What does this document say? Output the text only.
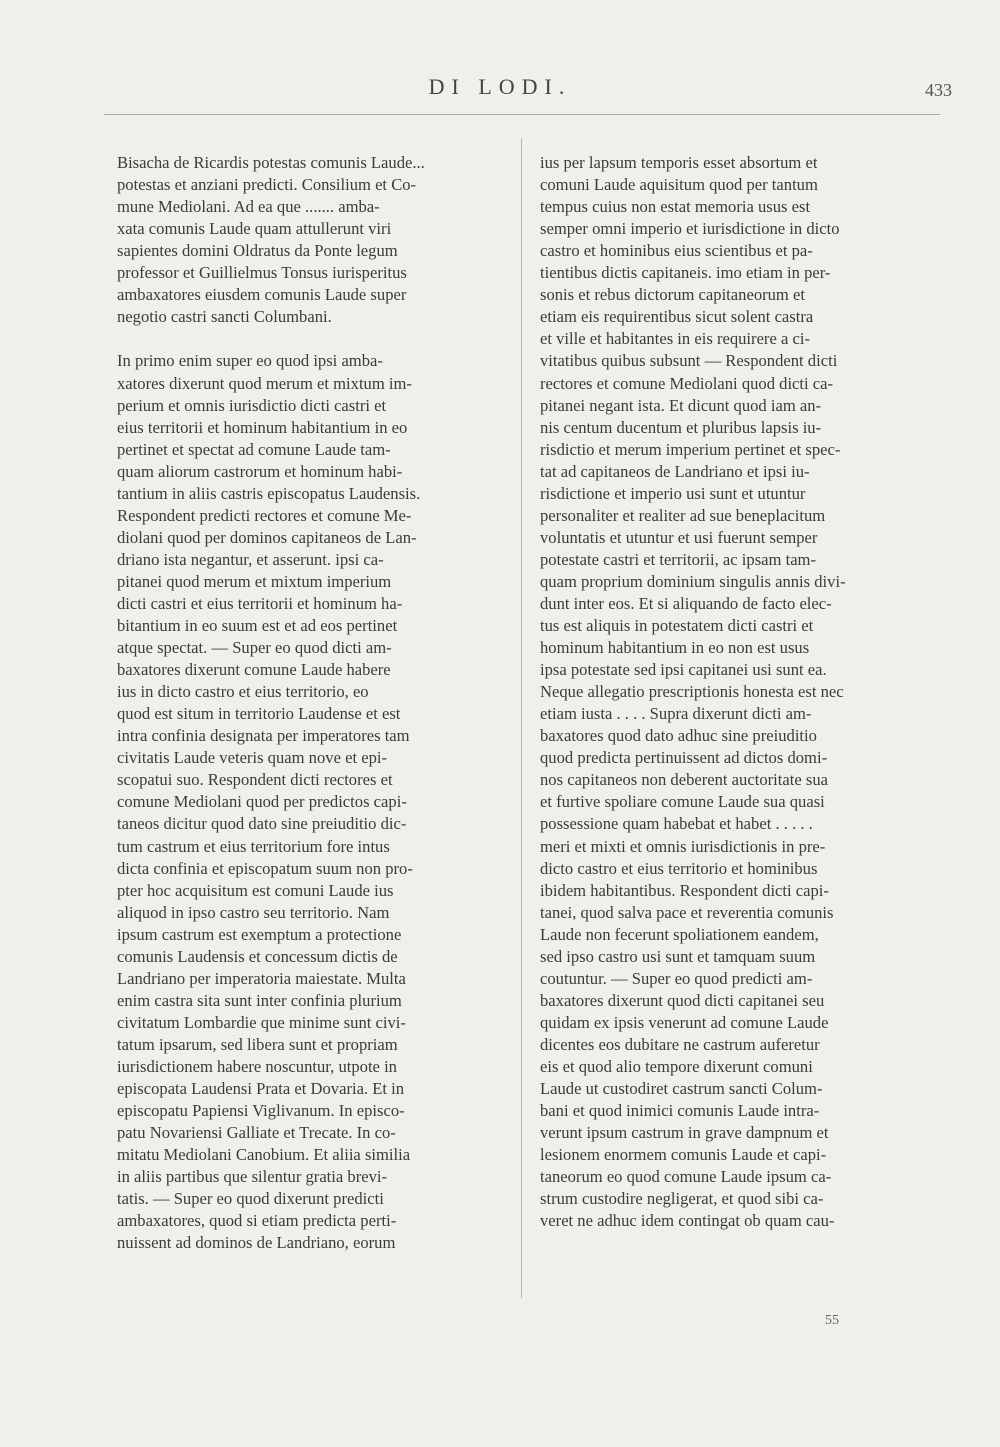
DI LODI.	433

Bisacha de Ricardis potestas comunis Laude...
potestas et anziani predicti. Consilium et Co-
mune Mediolani. Ad ea que ....... amba-
xata comunis Laude quam attullerunt viri
sapientes domini Oldratus da Ponte legum
professor et Guillielmus Tonsus iurisperitus
ambaxatores eiusdem comunis Laude super
negotio castri sancti Columbani.

In primo enim super eo quod ipsi amba-
xatores dixerunt quod merum et mixtum im-
perium et omnis iurisdictio dicti castri et
eius territorii et hominum habitantium in eo
pertinet et spectat ad comune Laude tam-
quam aliorum castrorum et hominum habi-
tantium in aliis castris episcopatus Laudensis.
Respondent predicti rectores et comune Me-
diolani quod per dominos capitaneos de Lan-
driano ista negantur, et asserunt. ipsi ca-
pitanei quod merum et mixtum imperium
dicti castri et eius territorii et hominum ha-
bitantium in eo suum est et ad eos pertinet
atque spectat. — Super eo quod dicti am-
baxatores dixerunt comune Laude habere
ius in dicto castro et eius territorio, eo
quod est situm in territorio Laudense et est
intra confinia designata per imperatores tam
civitatis Laude veteris quam nove et epi-
scopatui suo. Respondent dicti rectores et
comune Mediolani quod per predictos capi-
taneos dicitur quod dato sine preiuditio dic-
tum castrum et eius territorium fore intus
dicta confinia et episcopatum suum non pro-
pter hoc acquisitum est comuni Laude ius
aliquod in ipso castro seu territorio. Nam
ipsum castrum est exemptum a protectione
comunis Laudensis et concessum dictis de
Landriano per imperatoria maiestate. Multa
enim castra sita sunt inter confinia plurium
civitatum Lombardie que minime sunt civi-
tatum ipsarum, sed libera sunt et propriam
iurisdictionem habere noscuntur, utpote in
episcopata Laudensi Prata et Dovaria. Et in
episcopatu Papiensi Viglivanum. In episco-
patu Novariensi Galliate et Trecate. In co-
mitatu Mediolani Canobium. Et aliia similia
in aliis partibus que silentur gratia brevi-
tatis. — Super eo quod dixerunt predicti
ambaxatores, quod si etiam predicta perti-
nuissent ad dominos de Landriano, eorum

ius per lapsum temporis esset absortum et
comuni Laude aquisitum quod per tantum
tempus cuius non estat memoria usus est
semper omni imperio et iurisdictione in dicto
castro et hominibus eius scientibus et pa-
tientibus dictis capitaneis. imo etiam in per-
sonis et rebus dictorum capitaneorum et
etiam eis requirentibus sicut solent castra
et ville et habitantes in eis requirere a ci-
vitatibus quibus subsunt — Respondent dicti
rectores et comune Mediolani quod dicti ca-
pitanei negant ista. Et dicunt quod iam an-
nis centum ducentum et pluribus lapsis iu-
risdictio et merum imperium pertinet et spec-
tat ad capitaneos de Landriano et ipsi iu-
risdictione et imperio usi sunt et utuntur
personaliter et realiter ad sue beneplacitum
voluntatis et utuntur et usi fuerunt semper
potestate castri et territorii, ac ipsam tam-
quam proprium dominium singulis annis divi-
dunt inter eos. Et si aliquando de facto elec-
tus est aliquis in potestatem dicti castri et
hominum habitantium in eo non est usus
ipsa potestate sed ipsi capitanei usi sunt ea.
Neque allegatio prescriptionis honesta est nec
etiam iusta . . . . Supra dixerunt dicti am-
baxatores quod dato adhuc sine preiuditio
quod predicta pertinuissent ad dictos domi-
nos capitaneos non deberent auctoritate sua
et furtive spoliare comune Laude sua quasi
possessione quam habebat et habet . . . . .
meri et mixti et omnis iurisdictionis in pre-
dicto castro et eius territorio et hominibus
ibidem habitantibus. Respondent dicti capi-
tanei, quod salva pace et reverentia comunis
Laude non fecerunt spoliationem eandem,
sed ipso castro usi sunt et tamquam suum
coutuntur. — Super eo quod predicti am-
baxatores dixerunt quod dicti capitanei seu
quidam ex ipsis venerunt ad comune Laude
dicentes eos dubitare ne castrum auferetur
eis et quod alio tempore dixerunt comuni
Laude ut custodiret castrum sancti Colum-
bani et quod inimici comunis Laude intra-
verunt ipsum castrum in grave dampnum et
lesionem enormem comunis Laude et capi-
taneorum eo quod comune Laude ipsum ca-
strum custodire negligerat, et quod sibi ca-
veret ne adhuc idem contingat ob quam cau-

55
